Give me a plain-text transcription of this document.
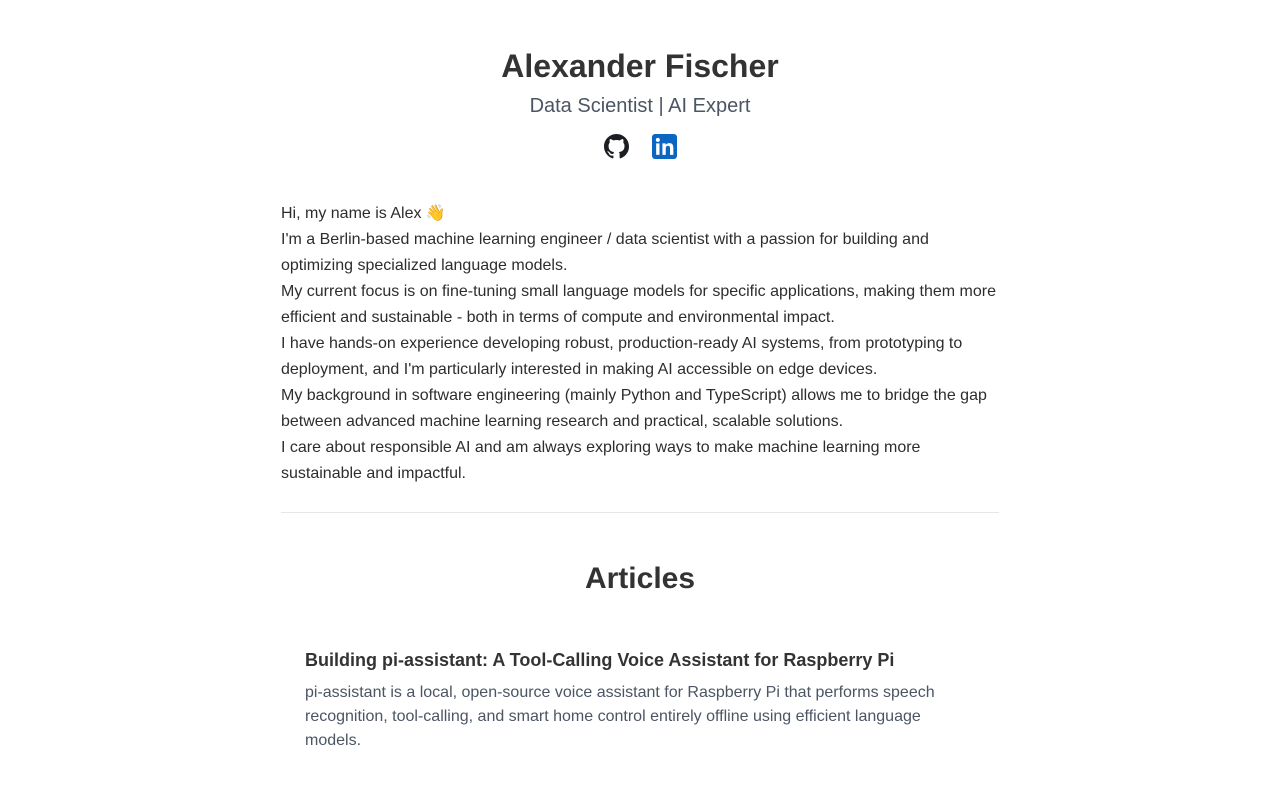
Alexander Fischer
Data Scientist | AI Expert

Hi, my name is Alex 👋

I'm a Berlin-based machine learning engineer / data scientist with a passion for building and optimizing specialized language models.

My current focus is on fine-tuning small language models for specific applications, making them more efficient and sustainable - both in terms of compute and environmental impact.

I have hands-on experience developing robust, production-ready AI systems, from prototyping to deployment, and I'm particularly interested in making AI accessible on edge devices.

My background in software engineering (mainly Python and TypeScript) allows me to bridge the gap between advanced machine learning research and practical, scalable solutions.

I care about responsible AI and am always exploring ways to make machine learning more sustainable and impactful.

Articles
Building pi-assistant: A Tool-Calling Voice Assistant for Raspberry Pi

pi-assistant is a local, open-source voice assistant for Raspberry Pi that performs speech recognition, tool-calling, and smart home control entirely offline using efficient language models.
